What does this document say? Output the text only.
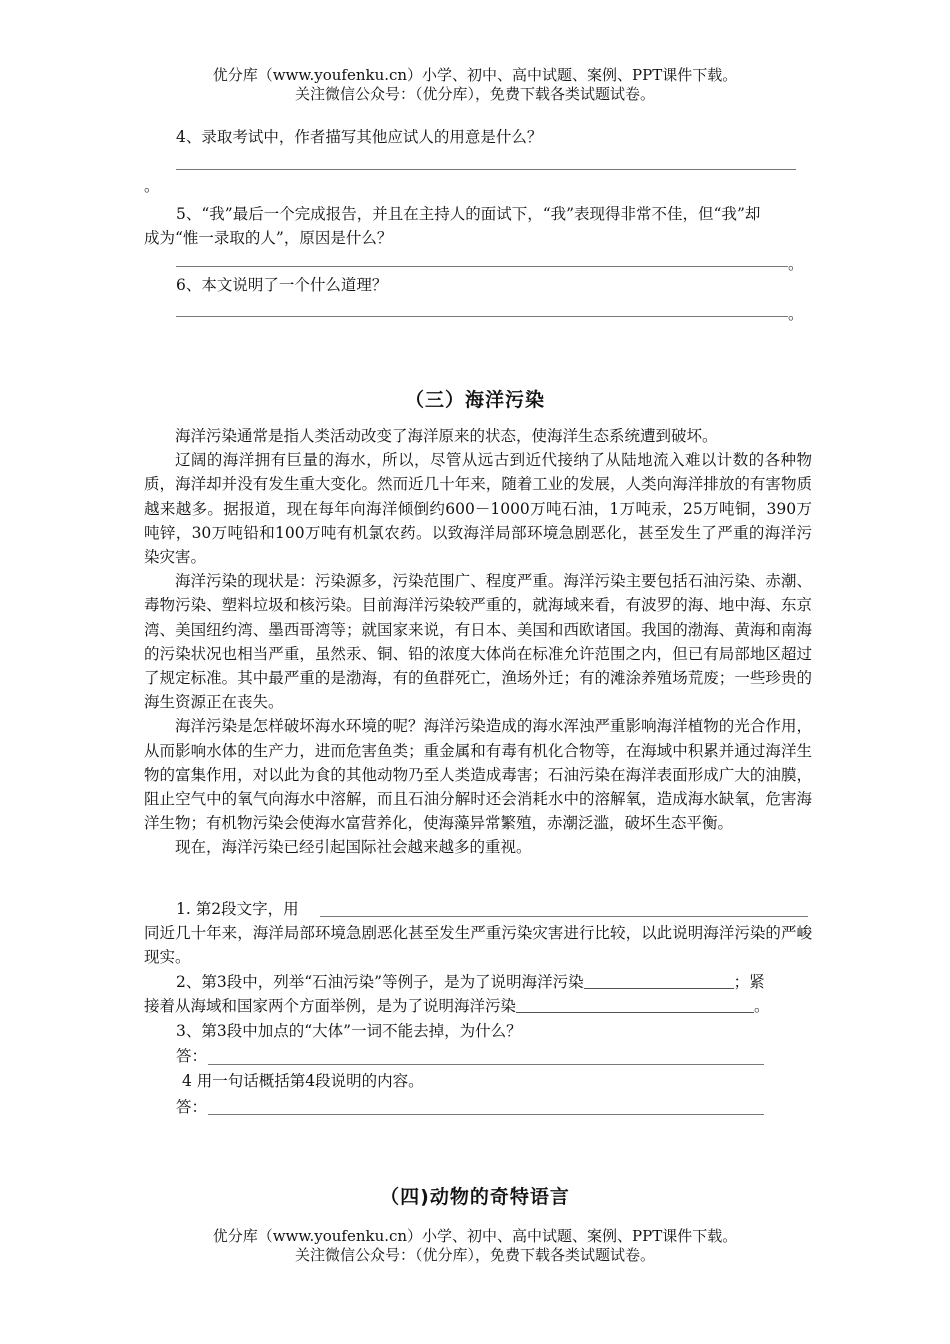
优分库（www.youfenku.cn）小学、初中、高中试题、案例、PPT课件下载。
关注微信公众号：（优分库），免费下载各类试题试卷。
4、录取考试中，作者描写其他应试人的用意是什么？
。
5、“我”最后一个完成报告，并且在主持人的面试下，“我”表现得非常不佳，但“我”却
成为“惟一录取的人”，原因是什么？
。
6、本文说明了一个什么道理？
。
（三）海洋污染

海洋污染通常是指人类活动改变了海洋原来的状态，使海洋生态系统遭到破坏。

辽阔的海洋拥有巨量的海水，所以，尽管从远古到近代接纳了从陆地流入难以计数的各种物质，海洋却并没有发生重大变化。然而近几十年来，随着工业的发展，人类向海洋排放的有害物质越来越多。据报道，现在每年向海洋倾倒约600－1000万吨石油，1万吨汞，25万吨铜，390万吨锌，30万吨铅和100万吨有机氯农药。以致海洋局部环境急剧恶化，甚至发生了严重的海洋污染灾害。

海洋污染的现状是：污染源多，污染范围广、程度严重。海洋污染主要包括石油污染、赤潮、毒物污染、塑料垃圾和核污染。目前海洋污染较严重的，就海域来看，有波罗的海、地中海、东京湾、美国纽约湾、墨西哥湾等；就国家来说，有日本、美国和西欧诸国。我国的渤海、黄海和南海的污染状况也相当严重，虽然汞、铜、铅的浓度大体尚在标准允许范围之内，但已有局部地区超过了规定标准。其中最严重的是渤海，有的鱼群死亡，渔场外迁；有的滩涂养殖场荒废；一些珍贵的海生资源正在丧失。

海洋污染是怎样破坏海水环境的呢？海洋污染造成的海水浑浊严重影响海洋植物的光合作用，从而影响水体的生产力，进而危害鱼类；重金属和有毒有机化合物等，在海域中积累并通过海洋生物的富集作用，对以此为食的其他动物乃至人类造成毒害；石油污染在海洋表面形成广大的油膜，阻止空气中的氧气向海水中溶解，而且石油分解时还会消耗水中的溶解氧，造成海水缺氧，危害海洋生物；有机物污染会使海水富营养化，使海藻异常繁殖，赤潮泛滥，破坏生态平衡。

现在，海洋污染已经引起国际社会越来越多的重视。

1. 第2段文字，用
同近几十年来，海洋局部环境急剧恶化甚至发生严重污染灾害进行比较，以此说明海洋污染的严峻现实。
2、第3段中，列举“石油污染”等例子，是为了说明海洋污染	；紧
接着从海域和国家两个方面举例，是为了说明海洋污染	。
3、第3段中加点的“大体”一词不能去掉，为什么？
答：
4 用一句话概括第4段说明的内容。
答：
（四)动物的奇特语言
优分库（www.youfenku.cn）小学、初中、高中试题、案例、PPT课件下载。
关注微信公众号：（优分库），免费下载各类试题试卷。
